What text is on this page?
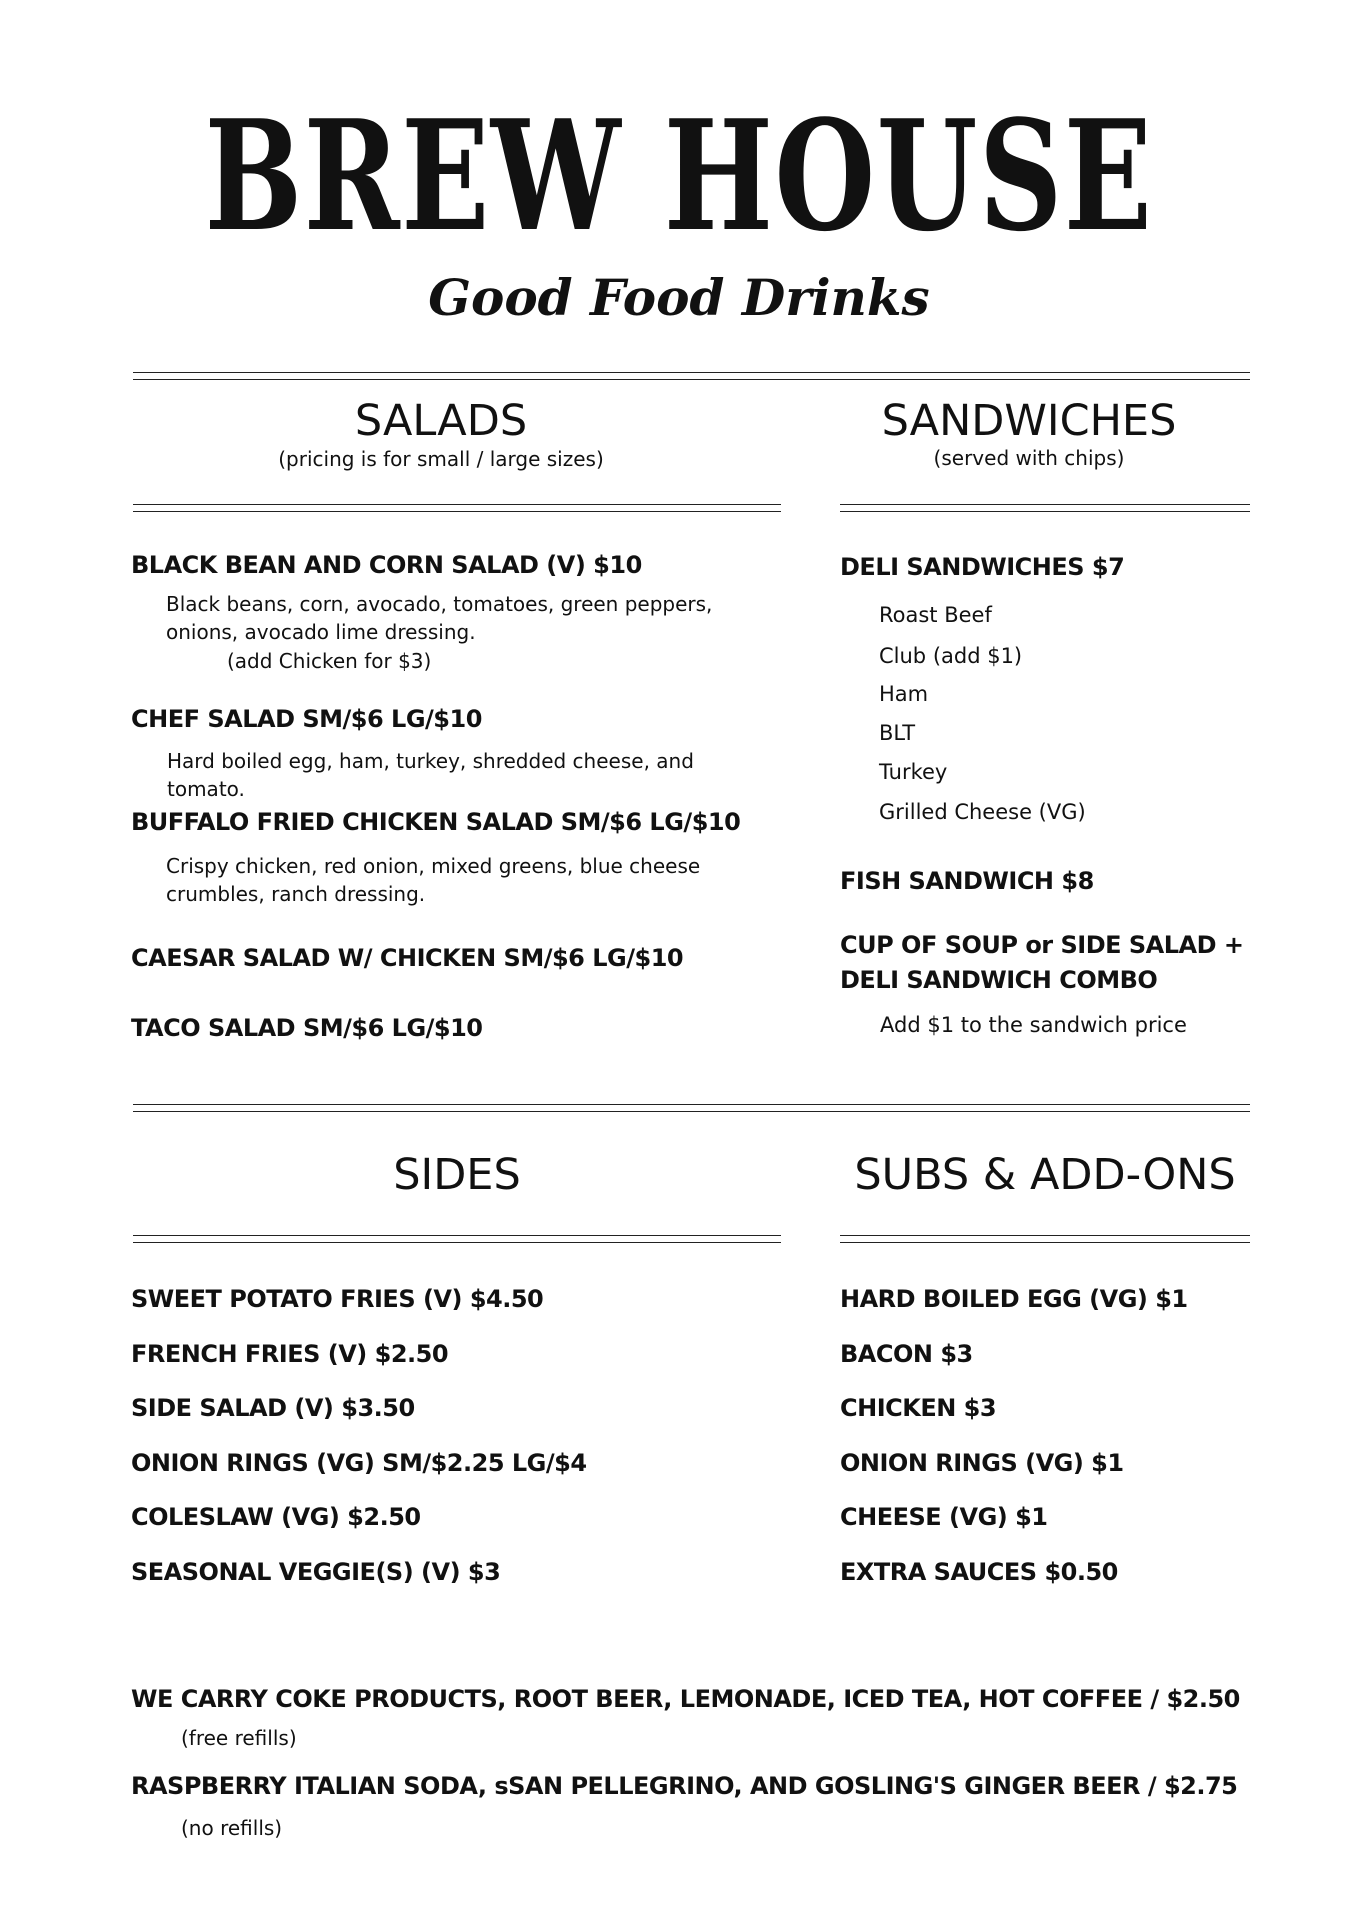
BREW HOUSE
Good Food Drinks
SALADS
(pricing is for small / large sizes)
SANDWICHES
(served with chips)
BLACK BEAN AND CORN SALAD (V) $10
Black beans, corn, avocado, tomatoes, green peppers, onions, avocado lime dressing.
(add Chicken for $3)
CHEF SALAD SM/$6 LG/$10
Hard boiled egg, ham, turkey, shredded cheese, and tomato.
BUFFALO FRIED CHICKEN SALAD SM/$6 LG/$10
Crispy chicken, red onion, mixed greens, blue cheese crumbles, ranch dressing.
CAESAR SALAD W/ CHICKEN SM/$6 LG/$10
TACO SALAD SM/$6 LG/$10
DELI SANDWICHES $7
Roast Beef
Club (add $1)
Ham
BLT
Turkey
Grilled Cheese (VG)
FISH SANDWICH $8
CUP OF SOUP or SIDE SALAD +
DELI SANDWICH COMBO
Add $1 to the sandwich price
SIDES	SUBS & ADD-ONS
SWEET POTATO FRIES (V) $4.50
FRENCH FRIES (V) $2.50
SIDE SALAD (V) $3.50
ONION RINGS (VG) SM/$2.25 LG/$4
COLESLAW (VG) $2.50
SEASONAL VEGGIE(S) (V) $3
HARD BOILED EGG (VG) $1
BACON $3
CHICKEN $3
ONION RINGS (VG) $1
CHEESE (VG) $1
EXTRA SAUCES $0.50
WE CARRY COKE PRODUCTS, ROOT BEER, LEMONADE, ICED TEA, HOT COFFEE / $2.50
(free refills)
RASPBERRY ITALIAN SODA, sSAN PELLEGRINO, AND GOSLING'S GINGER BEER / $2.75
(no refills)
